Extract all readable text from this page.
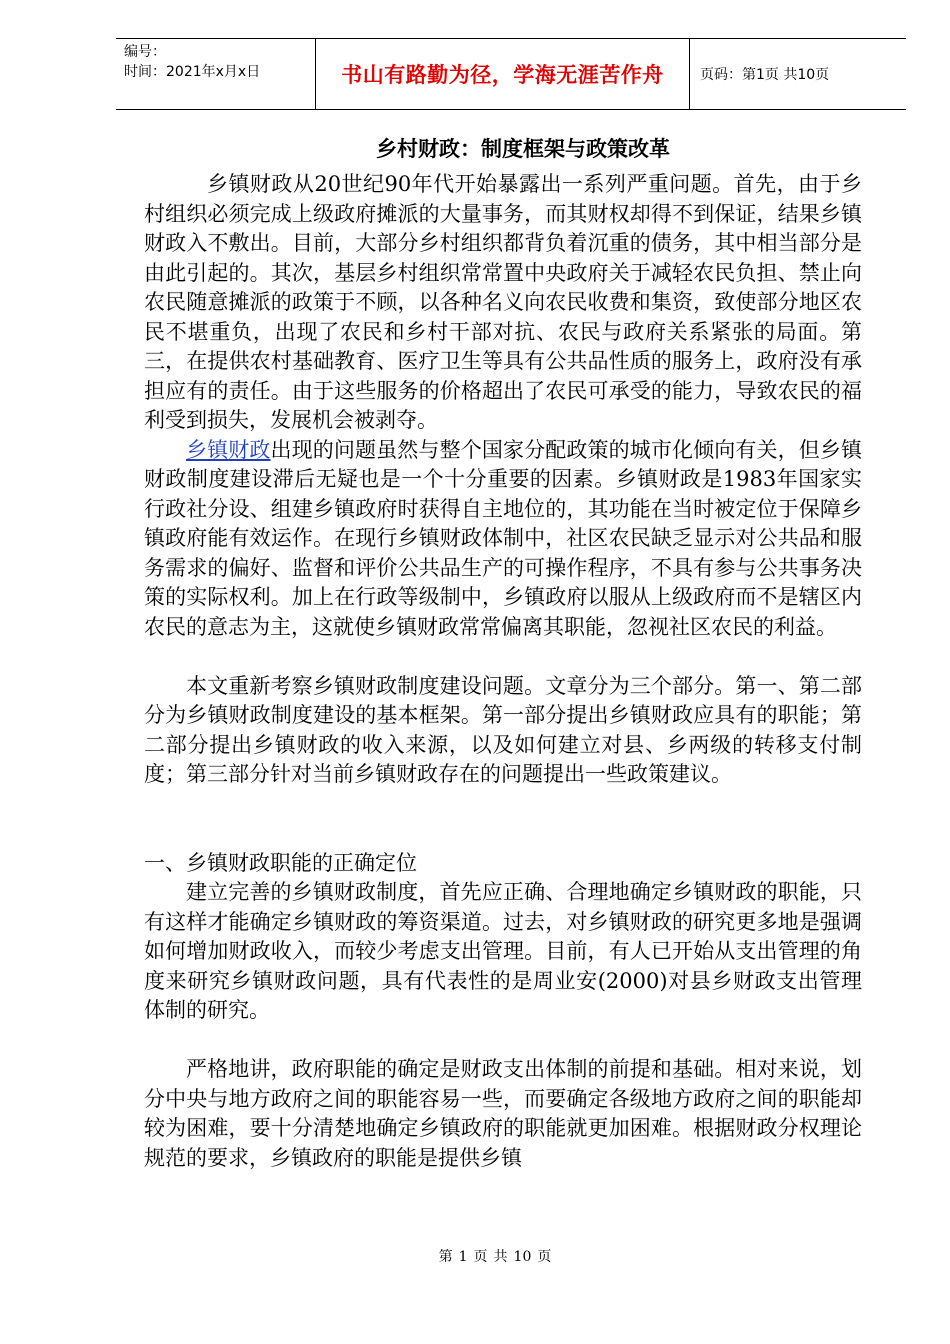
编号：
时间：2021年x月x日	书山有路勤为径，学海无涯苦作舟	页码：第1页 共10页
乡村财政：制度框架与政策改革

乡镇财政从20世纪90年代开始暴露出一系列严重问题。首先，由于乡村组织必须完成上级政府摊派的大量事务，而其财权却得不到保证，结果乡镇财政入不敷出。目前，大部分乡村组织都背负着沉重的债务，其中相当部分是由此引起的。其次，基层乡村组织常常置中央政府关于减轻农民负担、禁止向农民随意摊派的政策于不顾，以各种名义向农民收费和集资，致使部分地区农民不堪重负，出现了农民和乡村干部对抗、农民与政府关系紧张的局面。第三，在提供农村基础教育、医疗卫生等具有公共品性质的服务上，政府没有承担应有的责任。由于这些服务的价格超出了农民可承受的能力，导致农民的福利受到损失，发展机会被剥夺。

乡镇财政出现的问题虽然与整个国家分配政策的城市化倾向有关，但乡镇财政制度建设滞后无疑也是一个十分重要的因素。乡镇财政是1983年国家实行政社分设、组建乡镇政府时获得自主地位的，其功能在当时被定位于保障乡镇政府能有效运作。在现行乡镇财政体制中，社区农民缺乏显示对公共品和服务需求的偏好、监督和评价公共品生产的可操作程序，不具有参与公共事务决策的实际权利。加上在行政等级制中，乡镇政府以服从上级政府而不是辖区内农民的意志为主，这就使乡镇财政常常偏离其职能，忽视社区农民的利益。

本文重新考察乡镇财政制度建设问题。文章分为三个部分。第一、第二部分为乡镇财政制度建设的基本框架。第一部分提出乡镇财政应具有的职能；第二部分提出乡镇财政的收入来源，以及如何建立对县、乡两级的转移支付制度；第三部分针对当前乡镇财政存在的问题提出一些政策建议。

一、乡镇财政职能的正确定位

建立完善的乡镇财政制度，首先应正确、合理地确定乡镇财政的职能，只有这样才能确定乡镇财政的筹资渠道。过去，对乡镇财政的研究更多地是强调如何增加财政收入，而较少考虑支出管理。目前，有人已开始从支出管理的角度来研究乡镇财政问题，具有代表性的是周业安(2000)对县乡财政支出管理体制的研究。

严格地讲，政府职能的确定是财政支出体制的前提和基础。相对来说，划分中央与地方政府之间的职能容易一些，而要确定各级地方政府之间的职能却较为困难，要十分清楚地确定乡镇政府的职能就更加困难。根据财政分权理论规范的要求，乡镇政府的职能是提供乡镇

第 1 页 共 10 页
